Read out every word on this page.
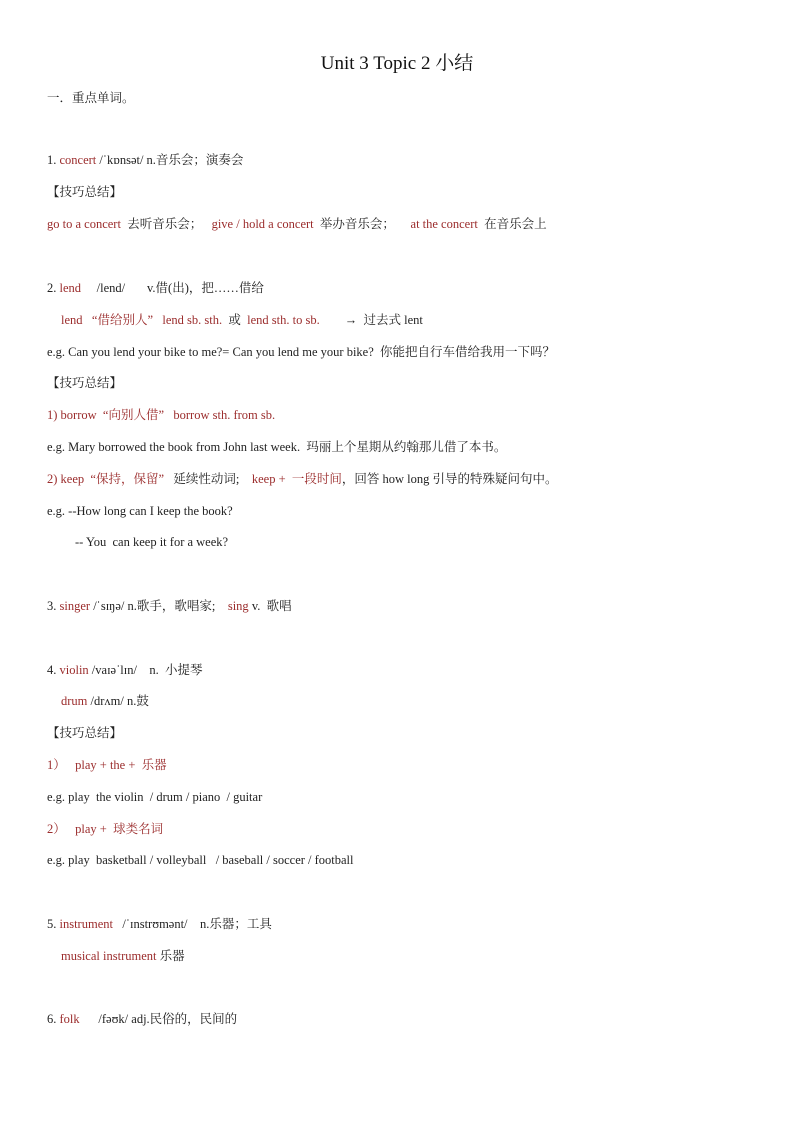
Unit 3 Topic 2 小结
一．重点单词。
1. concert /ˈkɒnsət/ n.音乐会；演奏会
【技巧总结】
go to a concert  去听音乐会；   give / hold a concert  举办音乐会；     at the concert  在音乐会上
2. lend     /lend/       v.借(出)，把……借给
lend   “借给别人”   lend sb. sth.  或  lend sth. to sb.        →  过去式 lent
e.g. Can you lend your bike to me?= Can you lend me your bike?  你能把自行车借给我用一下吗？
【技巧总结】
1) borrow  “向别人借”   borrow sth. from sb.
e.g. Mary borrowed the book from John last week.  玛丽上个星期从约翰那儿借了本书。
2) keep  “保持，保留”   延续性动词;    keep +  一段时间，回答 how long 引导的特殊疑问句中。
e.g. --How long can I keep the book?
-- You  can keep it for a week?
3. singer /ˈsɪŋə/ n.歌手，歌唱家;    sing v.  歌唱
4. violin /vaɪəˈlɪn/    n.  小提琴
drum /drʌm/ n.鼓
【技巧总结】
1）   play + the +  乐器
e.g. play  the violin  / drum / piano  / guitar
2）   play +  球类名词
e.g. play  basketball / volleyball   / baseball / soccer / football
5. instrument   /ˈɪnstrʊmənt/    n.乐器；工具
musical instrument 乐器
6. folk      /fəʊk/ adj.民俗的，民间的
